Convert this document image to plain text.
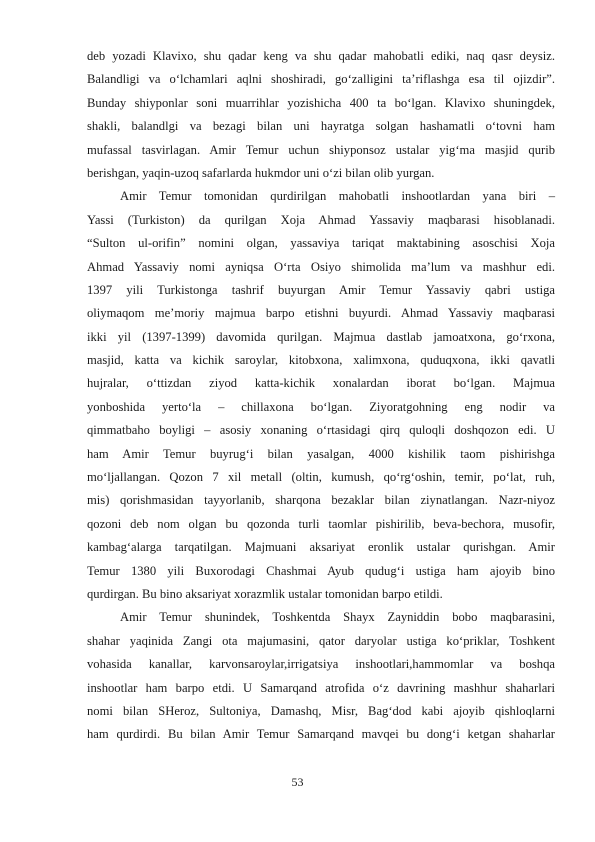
deb yozadi Klavixo, shu qadar keng va shu qadar mahobatli ediki, naq qasr deysiz.
Balandligi va o‘lchamlari aqlni shoshiradi, go‘zalligini ta’riflashga esa til ojizdir”.
Bunday shiyponlar soni muarrihlar yozishicha 400 ta bo‘lgan. Klavixo shuningdek,
shakli, balandlgi va bezagi bilan uni hayratga solgan hashamatli o‘tovni ham
mufassal tasvirlagan. Amir Temur uchun shiyponsoz ustalar yig‘ma masjid qurib
berishgan, yaqin-uzoq safarlarda hukmdor uni o‘zi bilan olib yurgan.
Amir Temur tomonidan qurdirilgan mahobatli inshootlardan yana biri –
Yassi (Turkiston) da qurilgan Xoja Ahmad Yassaviy maqbarasi hisoblanadi.
“Sulton ul-orifin” nomini olgan, yassaviya tariqat maktabining asoschisi Xoja
Ahmad Yassaviy nomi ayniqsa O‘rta Osiyo shimolida ma’lum va mashhur edi.
1397 yili Turkistonga tashrif buyurgan Amir Temur Yassaviy qabri ustiga
oliymaqom me’moriy majmua barpo etishni buyurdi. Ahmad Yassaviy maqbarasi
ikki yil (1397-1399) davomida qurilgan. Majmua dastlab jamoatxona, go‘rxona,
masjid, katta va kichik saroylar, kitobxona, xalimxona, quduqxona, ikki qavatli
hujralar, o‘ttizdan ziyod katta-kichik xonalardan iborat bo‘lgan. Majmua
yonboshida yerto‘la – chillaxona bo‘lgan. Ziyoratgohning eng nodir va
qimmatbaho boyligi – asosiy xonaning o‘rtasidagi qirq quloqli doshqozon edi. U
ham Amir Temur buyrug‘i bilan yasalgan, 4000 kishilik taom pishirishga
mo‘ljallangan. Qozon 7 xil metall (oltin, kumush, qo‘rg‘oshin, temir, po‘lat, ruh,
mis) qorishmasidan tayyorlanib, sharqona bezaklar bilan ziynatlangan. Nazr-niyoz
qozoni deb nom olgan bu qozonda turli taomlar pishirilib, beva-bechora, musofir,
kambag‘alarga tarqatilgan. Majmuani aksariyat eronlik ustalar qurishgan. Amir
Temur 1380 yili Buxorodagi Chashmai Ayub qudug‘i ustiga ham ajoyib bino
qurdirgan. Bu bino aksariyat xorazmlik ustalar tomonidan barpo etildi.
Amir Temur shunindek, Toshkentda Shayx Zayniddin bobo maqbarasini,
shahar yaqinida Zangi ota majumasini, qator daryolar ustiga ko‘priklar, Toshkent
vohasida kanallar, karvonsaroylar,irrigatsiya inshootlari,hammomlar va boshqa
inshootlar ham barpo etdi. U Samarqand atrofida o‘z davrining mashhur shaharlari
nomi bilan SHeroz, Sultoniya, Damashq, Misr, Bag‘dod kabi ajoyib qishloqlarni
ham qurdirdi. Bu bilan Amir Temur Samarqand mavqei bu dong‘i ketgan shaharlar
53
